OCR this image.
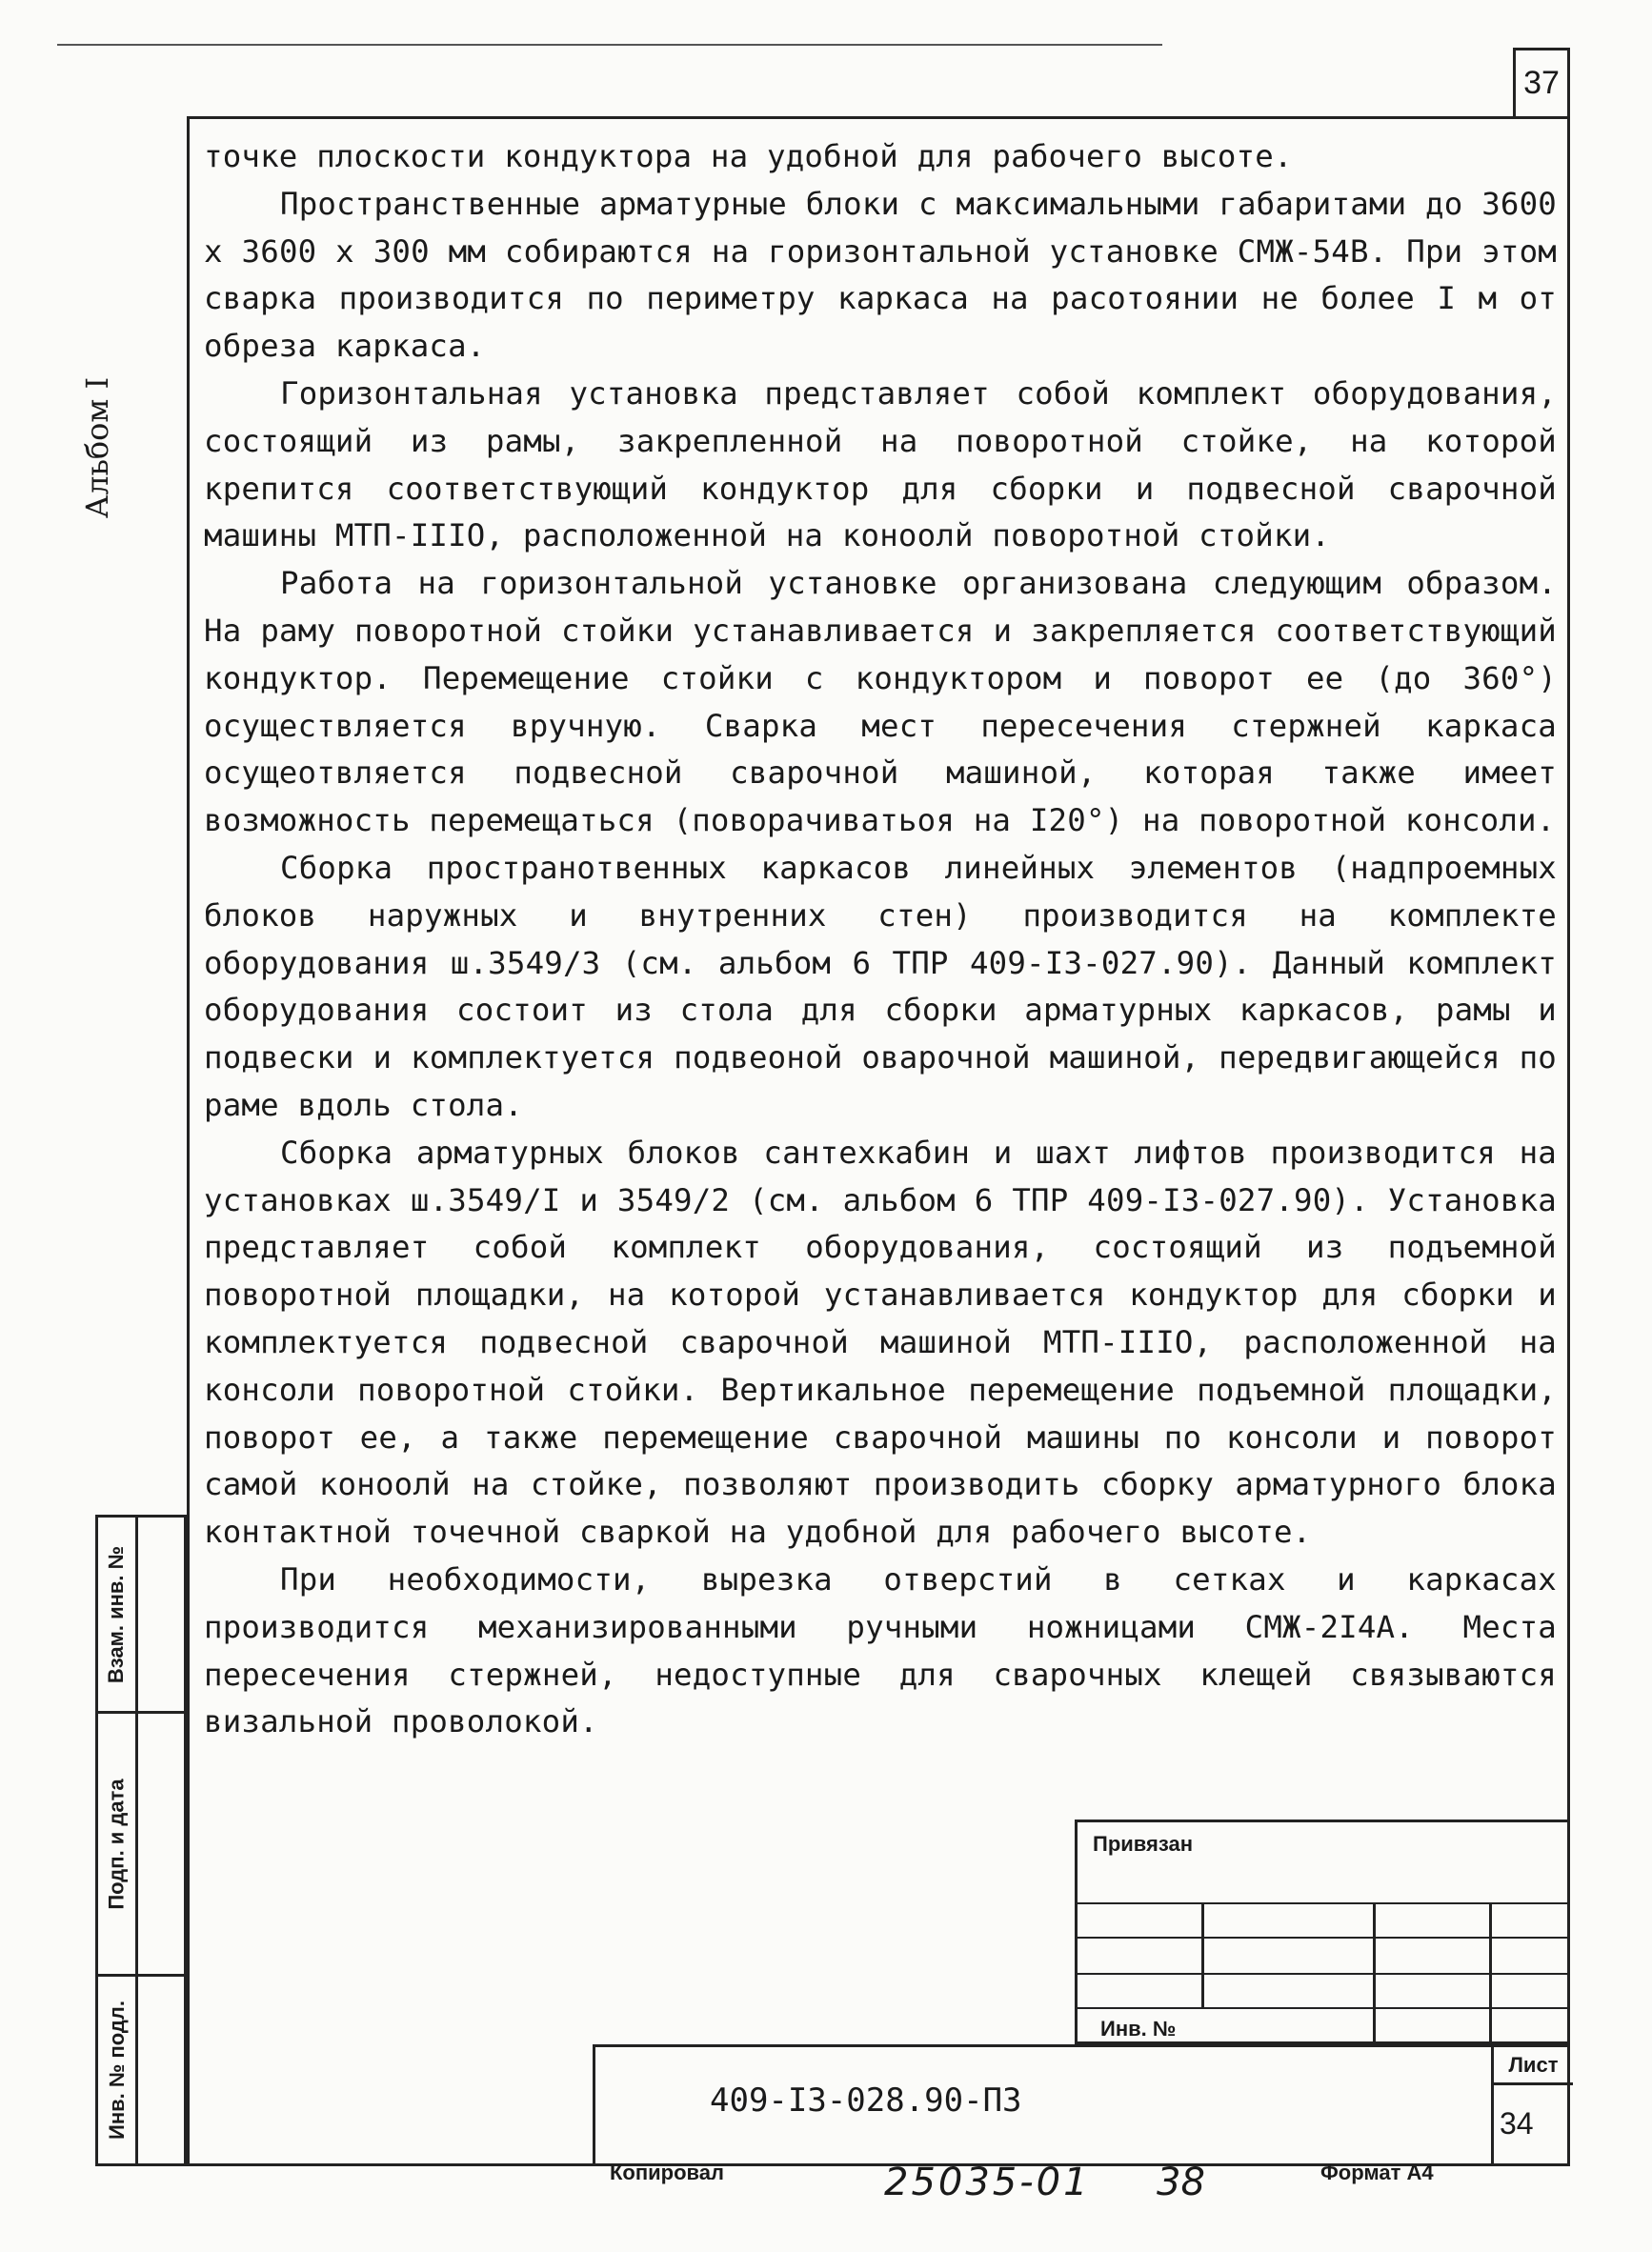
37
Альбом I

точке плоскости кондуктора на удобной для рабочего высоте.

Пространственные арматурные блоки с максимальными габаритами до 3600 х 3600 х 300 мм собираются на горизонтальной установке СМЖ-54В. При этом сварка производится по периметру каркаса на расотоянии не более I м от обреза каркаса.

Горизонтальная установка представляет собой комплект оборудования, состоящий из рамы, закрепленной на поворотной стойке, на которой крепится соответствующий кондуктор для сборки и подвесной сварочной машины МТП-IIIО, расположенной на коноолй поворотной стойки.

Работа на горизонтальной установке организована следующим образом. На раму поворотной стойки устанавливается и закрепляется соответствующий кондуктор. Перемещение стойки с кондуктором и поворот ее (до 360°) осуществляется вручную. Сварка мест пересечения стержней каркаса осущеотвляется подвесной сварочной машиной, которая также имеет возможность перемещаться (поворачиватьоя на I20°) на поворотной консоли.

Сборка пространотвенных каркасов линейных элементов (надпроемных блоков наружных и внутренних стен) производится на комплекте оборудования ш.3549/3 (см. альбом 6 ТПР 409-I3-027.90). Данный комплект оборудования состоит из стола для сборки арматурных каркасов, рамы и подвески и комплектуется подвеоной оварочной машиной, передвигающейся по раме вдоль стола.

Сборка арматурных блоков сантехкабин и шахт лифтов производится на установках ш.3549/I и 3549/2 (см. альбом 6 ТПР 409-I3-027.90). Установка представляет собой комплект оборудования, состоящий из подъемной поворотной площадки, на которой устанавливается кондуктор для сборки и комплектуется подвесной сварочной машиной МТП-IIIО, расположенной на консоли поворотной стойки. Вертикальное перемещение подъемной площадки, поворот ее, а также перемещение сварочной машины по консоли и поворот самой коноолй на стойке, позволяют производить сборку арматурного блока контактной точечной сваркой на удобной для рабочего высоте.

При необходимости, вырезка отверстий в сетках и каркасах производится механизированными ручными ножницами СМЖ-2I4А. Места пересечения стержней, недоступные для сварочных клещей связываются визальной проволокой.

Взам. инв. №
Подп. и дата
Инв. № подл.
Привязан
Инв. №
409-I3-028.90-ПЗ
Лист
34
Копировал	25035-01 38	Формат А4
